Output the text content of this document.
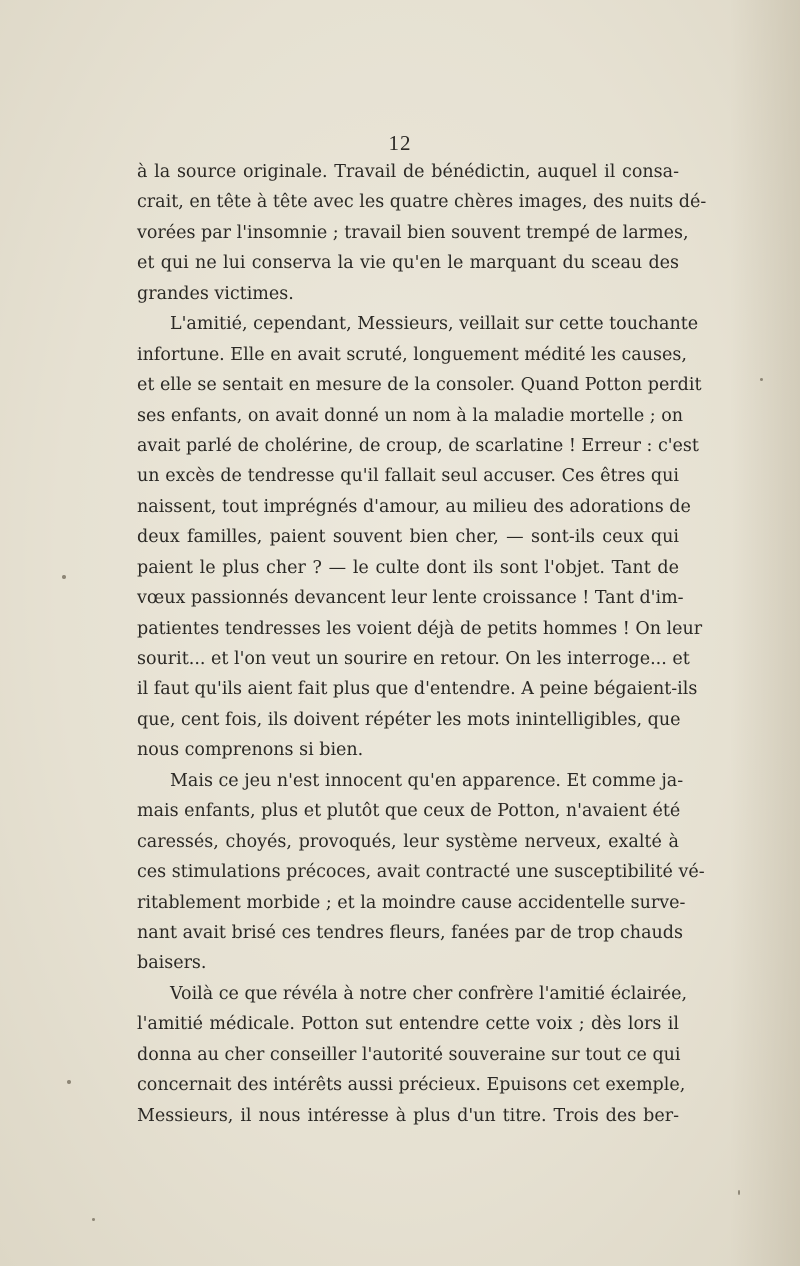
12
à la source originale. Travail de bénédictin, auquel il consa-
crait, en tête à tête avec les quatre chères images, des nuits dé-
vorées par l'insomnie ; travail bien souvent trempé de larmes,
et qui ne lui conserva la vie qu'en le marquant du sceau des
grandes victimes.
L'amitié, cependant, Messieurs, veillait sur cette touchante
infortune. Elle en avait scruté, longuement médité les causes,
et elle se sentait en mesure de la consoler. Quand Potton perdit
ses enfants, on avait donné un nom à la maladie mortelle ; on
avait parlé de cholérine, de croup, de scarlatine ! Erreur : c'est
un excès de tendresse qu'il fallait seul accuser. Ces êtres qui
naissent, tout imprégnés d'amour, au milieu des adorations de
deux familles, paient souvent bien cher, — sont-ils ceux qui
paient le plus cher ? — le culte dont ils sont l'objet. Tant de
vœux passionnés devancent leur lente croissance ! Tant d'im-
patientes tendresses les voient déjà de petits hommes ! On leur
sourit... et l'on veut un sourire en retour. On les interroge... et
il faut qu'ils aient fait plus que d'entendre. A peine bégaient-ils
que, cent fois, ils doivent répéter les mots inintelligibles, que
nous comprenons si bien.
Mais ce jeu n'est innocent qu'en apparence. Et comme ja-
mais enfants, plus et plutôt que ceux de Potton, n'avaient été
caressés, choyés, provoqués, leur système nerveux, exalté à
ces stimulations précoces, avait contracté une susceptibilité vé-
ritablement morbide ; et la moindre cause accidentelle surve-
nant avait brisé ces tendres fleurs, fanées par de trop chauds
baisers.
Voilà ce que révéla à notre cher confrère l'amitié éclairée,
l'amitié médicale. Potton sut entendre cette voix ; dès lors il
donna au cher conseiller l'autorité souveraine sur tout ce qui
concernait des intérêts aussi précieux. Epuisons cet exemple,
Messieurs, il nous intéresse à plus d'un titre. Trois des ber-
